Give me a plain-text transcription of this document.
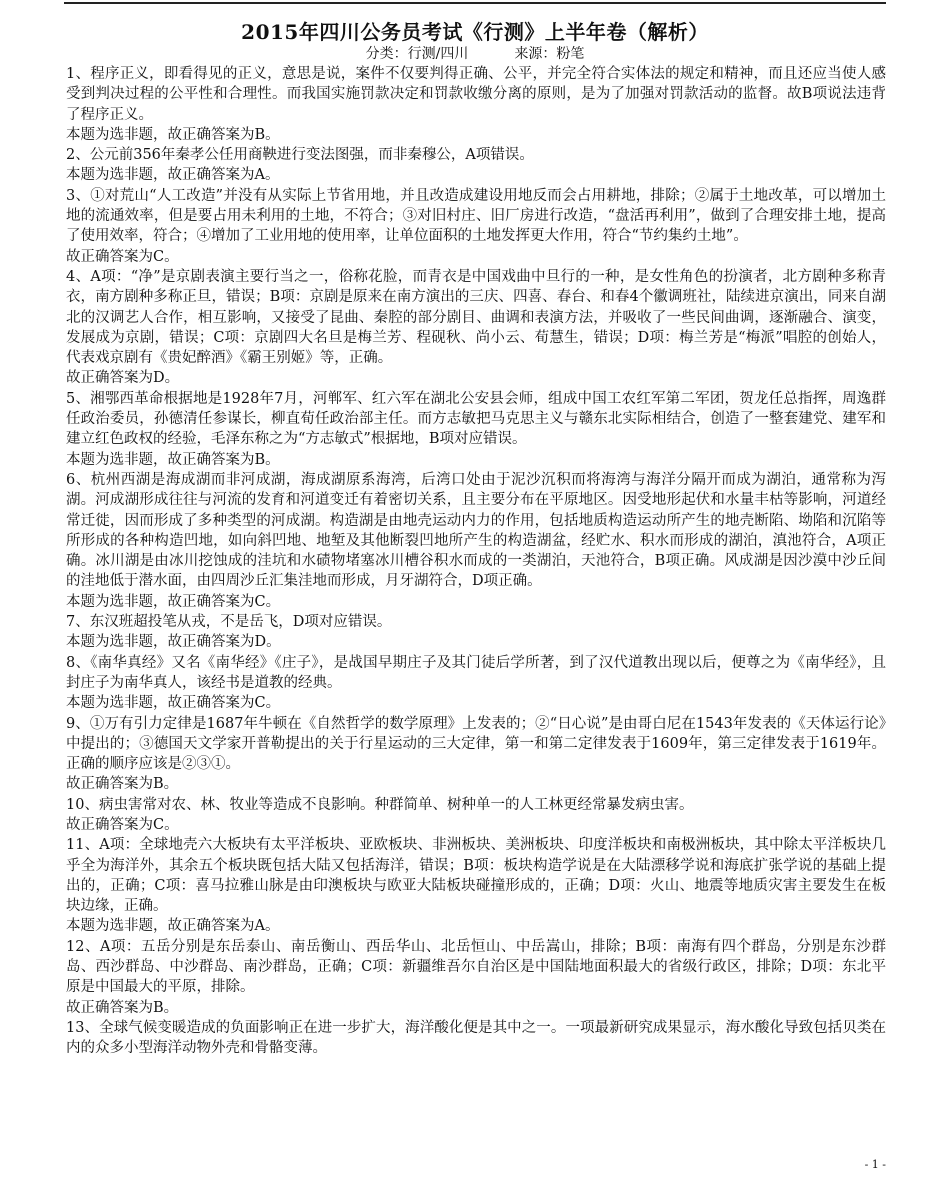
2015年四川公务员考试《行测》上半年卷（解析）
分类：行测/四川	来源：粉笔

1、程序正义，即看得见的正义，意思是说，案件不仅要判得正确、公平，并完全符合实体法的规定和精神，而且还应当使人感受到判决过程的公平性和合理性。而我国实施罚款决定和罚款收缴分离的原则，是为了加强对罚款活动的监督。故B项说法违背了程序正义。

本题为选非题，故正确答案为B。

2、公元前356年秦孝公任用商鞅进行变法图强，而非秦穆公，A项错误。

本题为选非题，故正确答案为A。

3、①对荒山“人工改造”并没有从实际上节省用地，并且改造成建设用地反而会占用耕地，排除；②属于土地改革，可以增加土地的流通效率，但是要占用未利用的土地，不符合；③对旧村庄、旧厂房进行改造，“盘活再利用”，做到了合理安排土地，提高了使用效率，符合；④增加了工业用地的使用率，让单位面积的土地发挥更大作用，符合“节约集约土地”。

故正确答案为C。

4、A项：“净”是京剧表演主要行当之一，俗称花脸，而青衣是中国戏曲中旦行的一种，是女性角色的扮演者，北方剧种多称青衣，南方剧种多称正旦，错误；B项：京剧是原来在南方演出的三庆、四喜、春台、和春4个徽调班社，陆续进京演出，同来自湖北的汉调艺人合作，相互影响，又接受了昆曲、秦腔的部分剧目、曲调和表演方法，并吸收了一些民间曲调，逐渐融合、演变，发展成为京剧，错误；C项：京剧四大名旦是梅兰芳、程砚秋、尚小云、荀慧生，错误；D项：梅兰芳是“梅派”唱腔的创始人，代表戏京剧有《贵妃醉酒》《霸王别姬》等，正确。

故正确答案为D。

5、湘鄂西革命根据地是1928年7月，河郸军、红六军在湖北公安县会师，组成中国工农红军第二军团，贺龙任总指挥，周逸群任政治委员，孙德清任参谋长，柳直荀任政治部主任。而方志敏把马克思主义与赣东北实际相结合，创造了一整套建党、建军和建立红色政权的经验，毛泽东称之为“方志敏式”根据地，B项对应错误。

本题为选非题，故正确答案为B。

6、杭州西湖是海成湖而非河成湖，海成湖原系海湾，后湾口处由于泥沙沉积而将海湾与海洋分隔开而成为湖泊，通常称为泻湖。河成湖形成往往与河流的发育和河道变迁有着密切关系，且主要分布在平原地区。因受地形起伏和水量丰枯等影响，河道经常迁徙，因而形成了多种类型的河成湖。构造湖是由地壳运动内力的作用，包括地质构造运动所产生的地壳断陷、坳陷和沉陷等所形成的各种构造凹地，如向斜凹地、地堑及其他断裂凹地所产生的构造湖盆，经贮水、积水而形成的湖泊，滇池符合，A项正确。冰川湖是由冰川挖蚀成的洼坑和水碛物堵塞冰川槽谷积水而成的一类湖泊，天池符合，B项正确。风成湖是因沙漠中沙丘间的洼地低于潜水面，由四周沙丘汇集洼地而形成，月牙湖符合，D项正确。

本题为选非题，故正确答案为C。

7、东汉班超投笔从戎，不是岳飞，D项对应错误。

本题为选非题，故正确答案为D。

8、《南华真经》又名《南华经》《庄子》，是战国早期庄子及其门徒后学所著，到了汉代道教出现以后，便尊之为《南华经》，且封庄子为南华真人，该经书是道教的经典。

本题为选非题，故正确答案为C。

9、①万有引力定律是1687年牛顿在《自然哲学的数学原理》上发表的；②“日心说”是由哥白尼在1543年发表的《天体运行论》中提出的；③德国天文学家开普勒提出的关于行星运动的三大定律，第一和第二定律发表于1609年，第三定律发表于1619年。正确的顺序应该是②③①。

故正确答案为B。

10、病虫害常对农、林、牧业等造成不良影响。种群简单、树种单一的人工林更经常暴发病虫害。

故正确答案为C。

11、A项：全球地壳六大板块有太平洋板块、亚欧板块、非洲板块、美洲板块、印度洋板块和南极洲板块，其中除太平洋板块几乎全为海洋外，其余五个板块既包括大陆又包括海洋，错误；B项：板块构造学说是在大陆漂移学说和海底扩张学说的基础上提出的，正确；C项：喜马拉雅山脉是由印澳板块与欧亚大陆板块碰撞形成的，正确；D项：火山、地震等地质灾害主要发生在板块边缘，正确。

本题为选非题，故正确答案为A。

12、A项：五岳分别是东岳泰山、南岳衡山、西岳华山、北岳恒山、中岳嵩山，排除；B项：南海有四个群岛，分别是东沙群岛、西沙群岛、中沙群岛、南沙群岛，正确；C项：新疆维吾尔自治区是中国陆地面积最大的省级行政区，排除；D项：东北平原是中国最大的平原，排除。

故正确答案为B。

13、全球气候变暖造成的负面影响正在进一步扩大，海洋酸化便是其中之一。一项最新研究成果显示，海水酸化导致包括贝类在内的众多小型海洋动物外壳和骨骼变薄。

- 1 -
